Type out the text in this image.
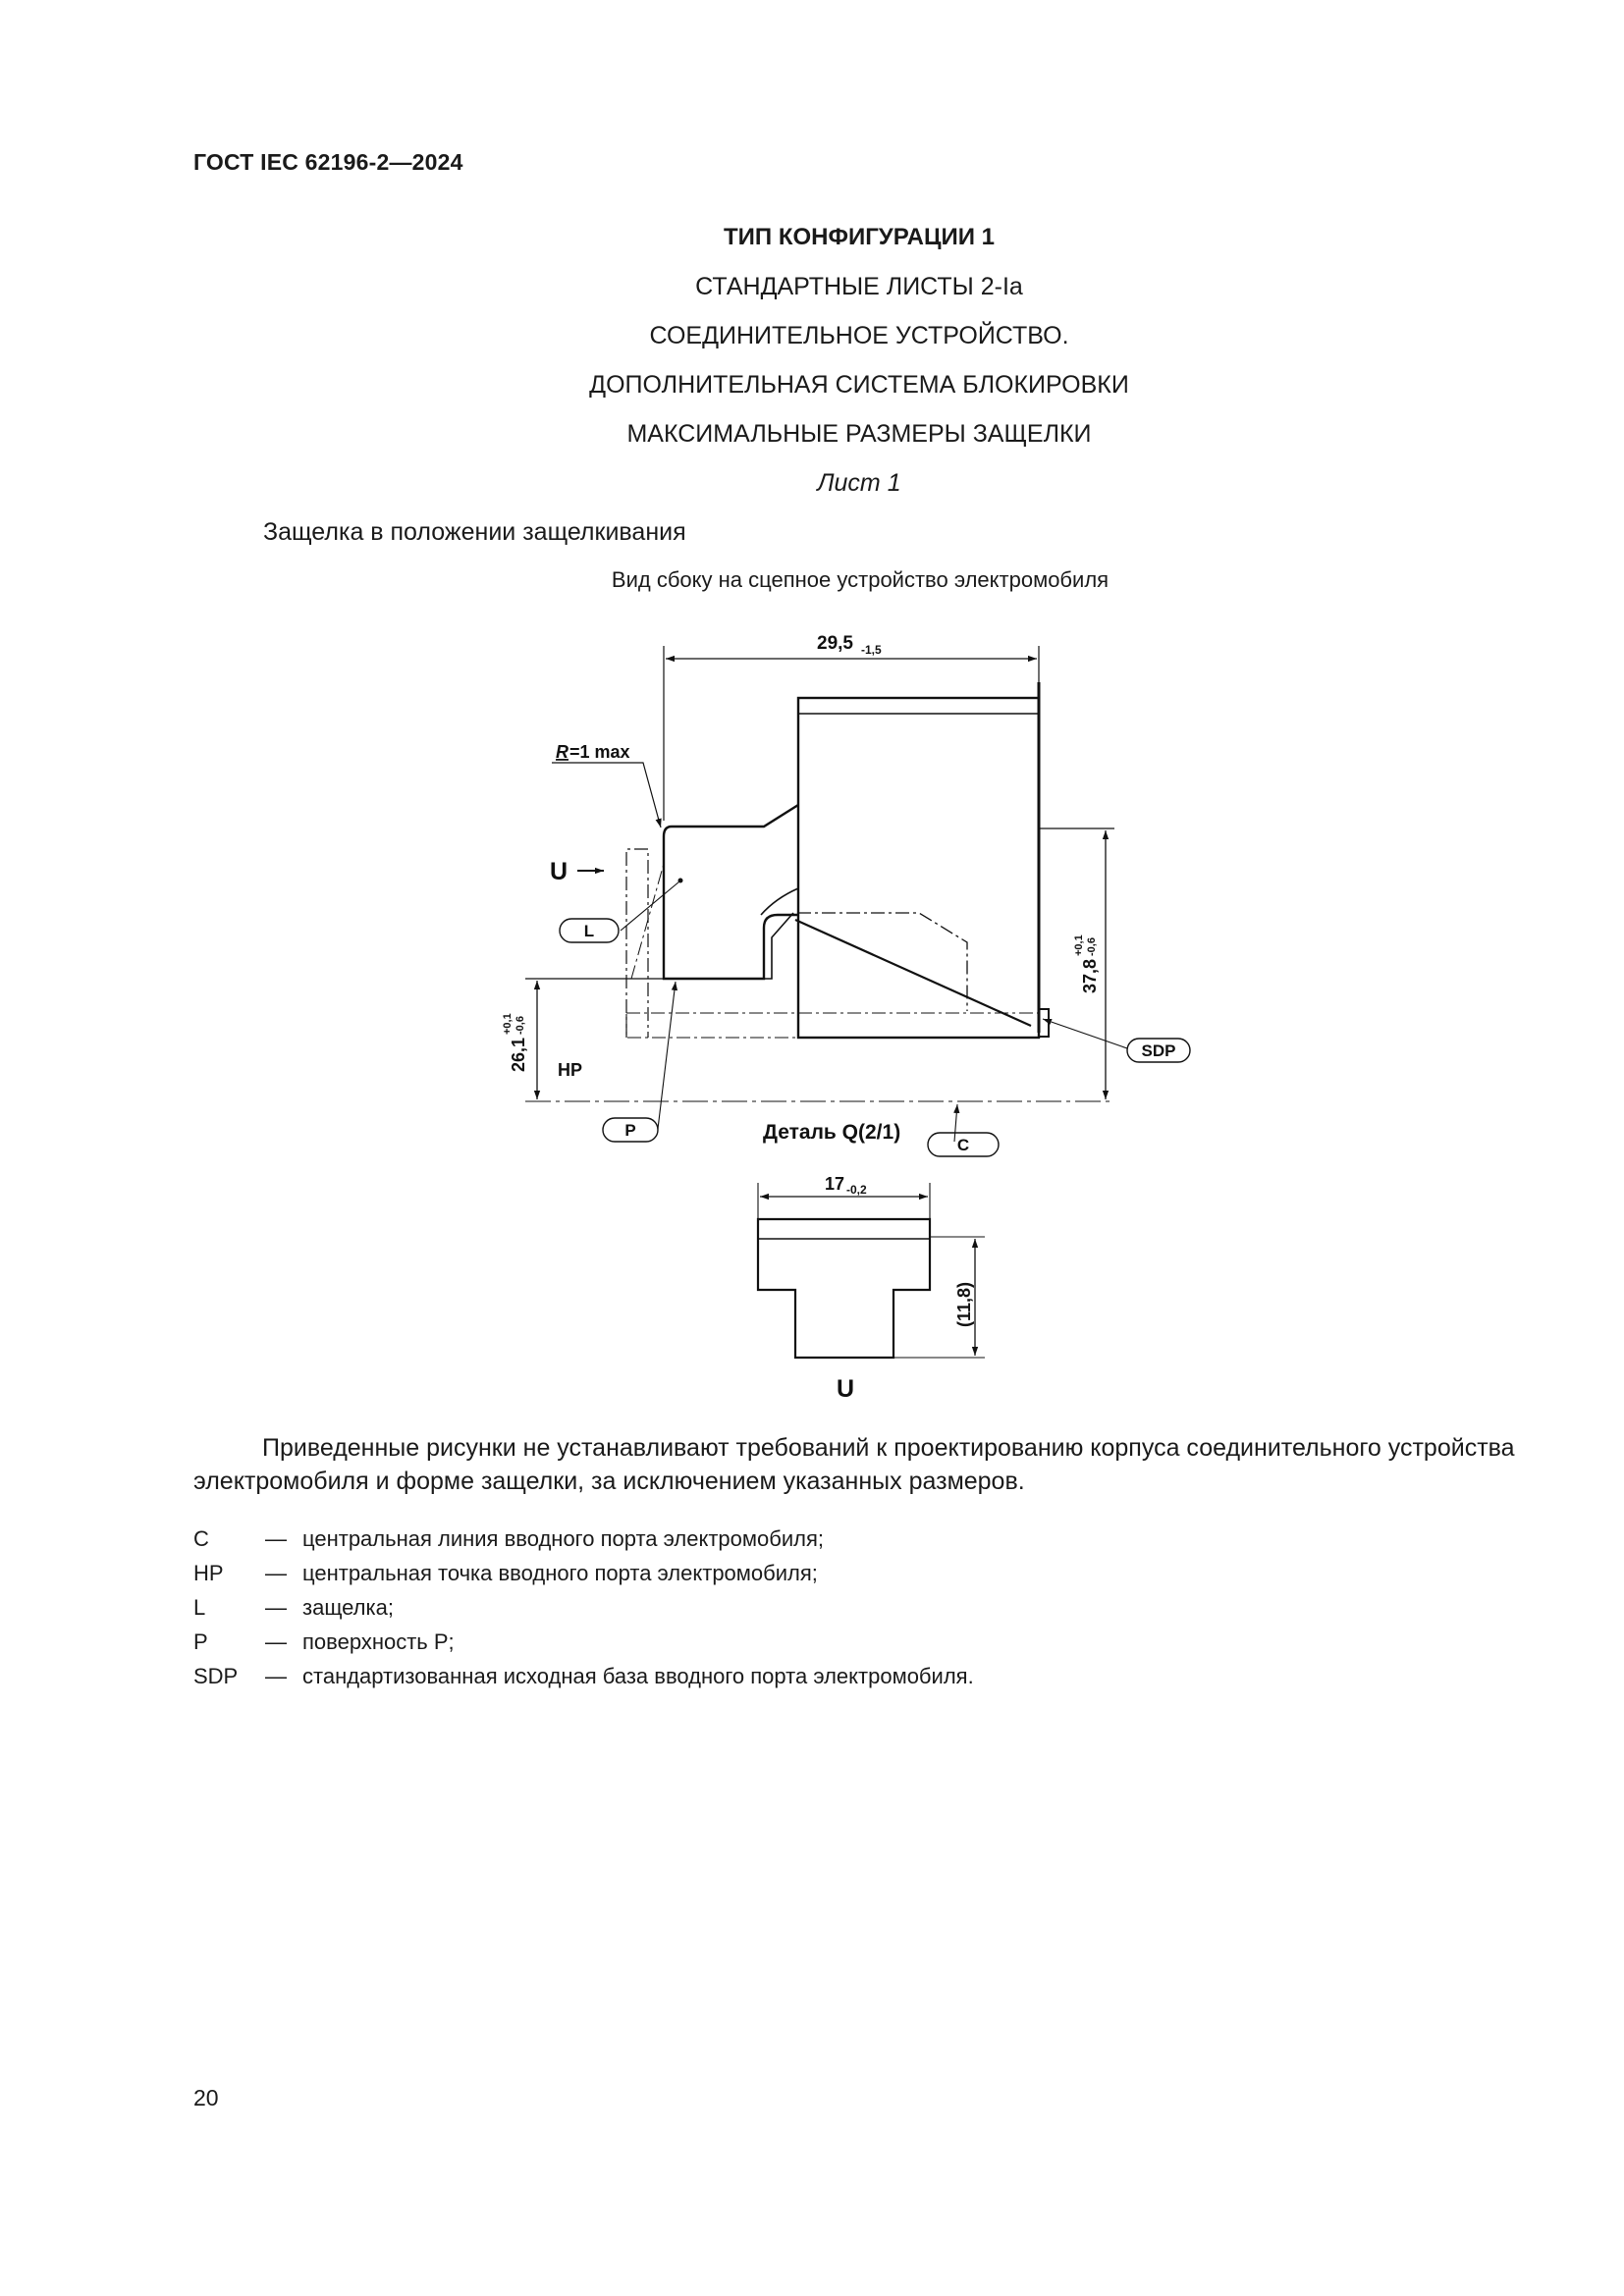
ГОСТ IEC 62196-2—2024
ТИП КОНФИГУРАЦИИ 1
СТАНДАРТНЫЕ ЛИСТЫ 2-Ia
СОЕДИНИТЕЛЬНОЕ УСТРОЙСТВО.
ДОПОЛНИТЕЛЬНАЯ СИСТЕМА БЛОКИРОВКИ
МАКСИМАЛЬНЫЕ РАЗМЕРЫ ЗАЩЕЛКИ
Лист 1
Защелка в положении защелкивания
Вид сбоку на сцепное устройство электромобиля
29,5 -1,5
R =1 max
U
L
P
C
SDP
HP
Деталь Q(2/1)
26,1
+0,1 -0,6
37,8
+0,1 -0,6
17 -0,2
(11,8)
U
Приведенные рисунки не устанавливают требований к проектированию корпуса соединительного устройства электромобиля и форме защелки, за исключением указанных размеров.
C	— центральная линия вводного порта электромобиля;
HP — центральная точка вводного порта электромобиля;
L	— защелка;
P	— поверхность P;
SDP — стандартизованная исходная база вводного порта электромобиля.
20
